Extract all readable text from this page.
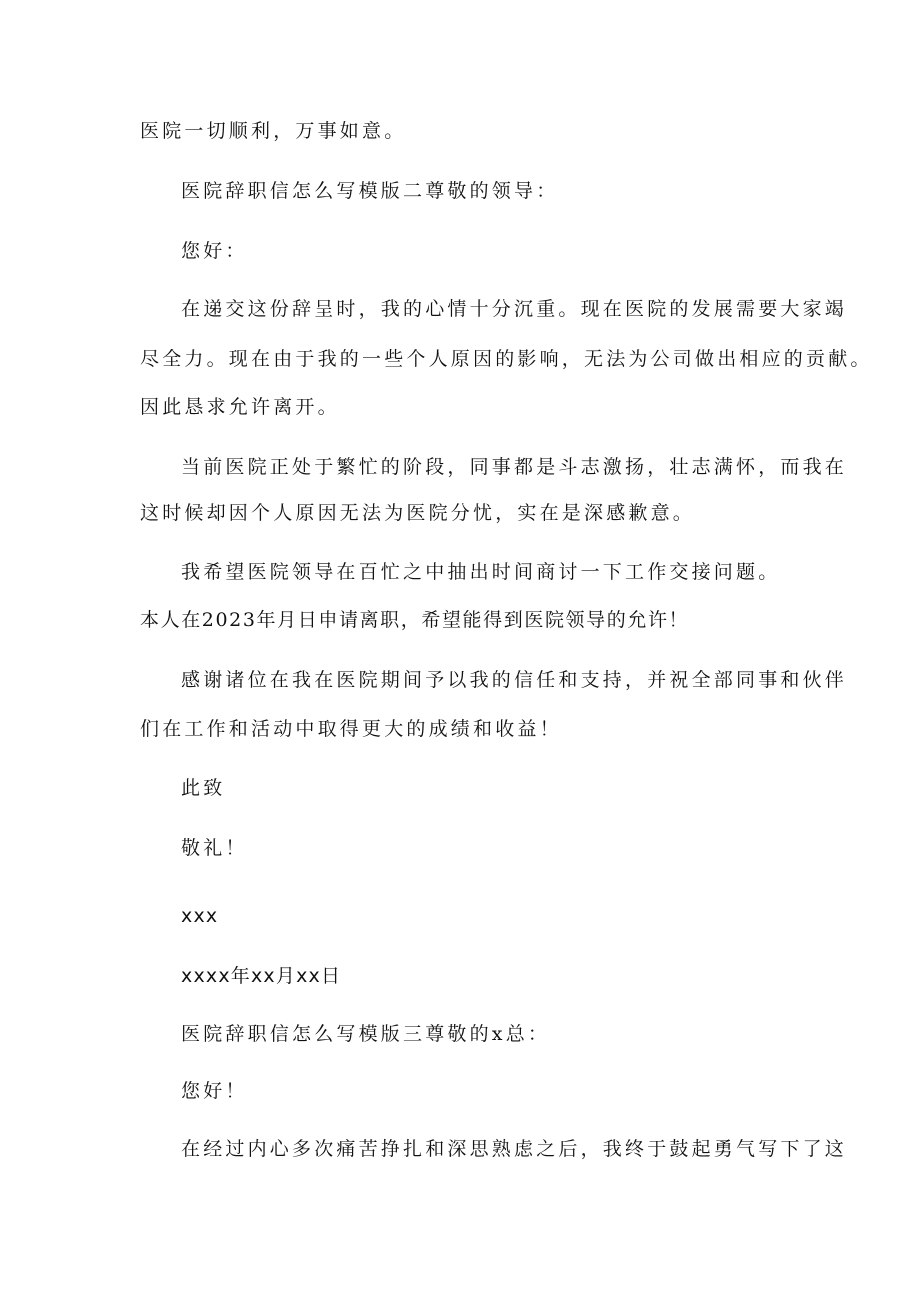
医院一切顺利，万事如意。

医院辞职信怎么写模版二尊敬的领导：

您好：

在递交这份辞呈时，我的心情十分沉重。现在医院的发展需要大家竭

尽全力。现在由于我的一些个人原因的影响，无法为公司做出相应的贡献。

因此恳求允许离开。

当前医院正处于繁忙的阶段，同事都是斗志激扬，壮志满怀，而我在

这时候却因个人原因无法为医院分忧，实在是深感歉意。

我希望医院领导在百忙之中抽出时间商讨一下工作交接问题。

本人在2023年月日申请离职，希望能得到医院领导的允许！

感谢诸位在我在医院期间予以我的信任和支持，并祝全部同事和伙伴

们在工作和活动中取得更大的成绩和收益！

此致

敬礼！

xxx

xxxx年xx月xx日

医院辞职信怎么写模版三尊敬的x总：

您好！

在经过内心多次痛苦挣扎和深思熟虑之后，我终于鼓起勇气写下了这
